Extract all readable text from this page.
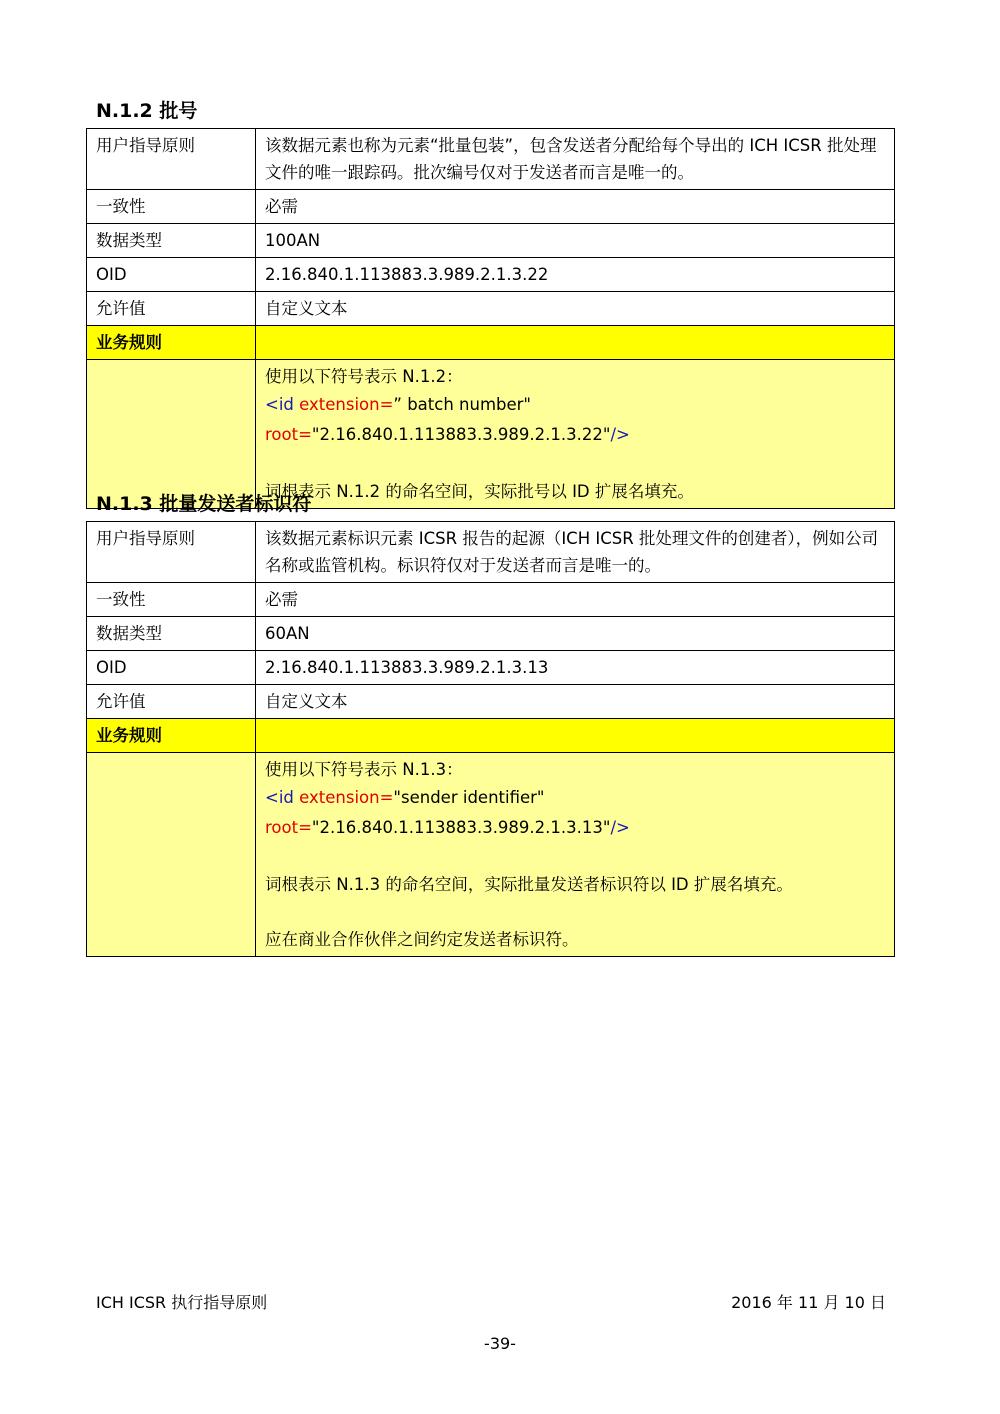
N.1.2 批号
用户指导原则	该数据元素也称为元素“批量包装”，包含发送者分配给每个导出的 ICH ICSR 批处理文件的唯一跟踪码。批次编号仅对于发送者而言是唯一的。
一致性	必需
数据类型	100AN
OID	2.16.840.1.113883.3.989.2.1.3.22
允许值	自定义文本
业务规则	

	使用以下符号表示 N.1.2：
<id extension=” batch number" root="2.16.840.1.113883.3.989.2.1.3.22"/>
词根表示 N.1.2 的命名空间，实际批号以 ID 扩展名填充。
N.1.3 批量发送者标识符
用户指导原则	该数据元素标识元素 ICSR 报告的起源（ICH ICSR 批处理文件的创建者），例如公司名称或监管机构。标识符仅对于发送者而言是唯一的。
一致性	必需
数据类型	60AN
OID	2.16.840.1.113883.3.989.2.1.3.13
允许值	自定义文本
业务规则	

	使用以下符号表示 N.1.3：
<id extension="sender identifier" root="2.16.840.1.113883.3.989.2.1.3.13"/>
词根表示 N.1.3 的命名空间，实际批量发送者标识符以 ID 扩展名填充。
应在商业合作伙伴之间约定发送者标识符。
ICH ICSR 执行指导原则	2016 年 11 月 10 日
-39-
